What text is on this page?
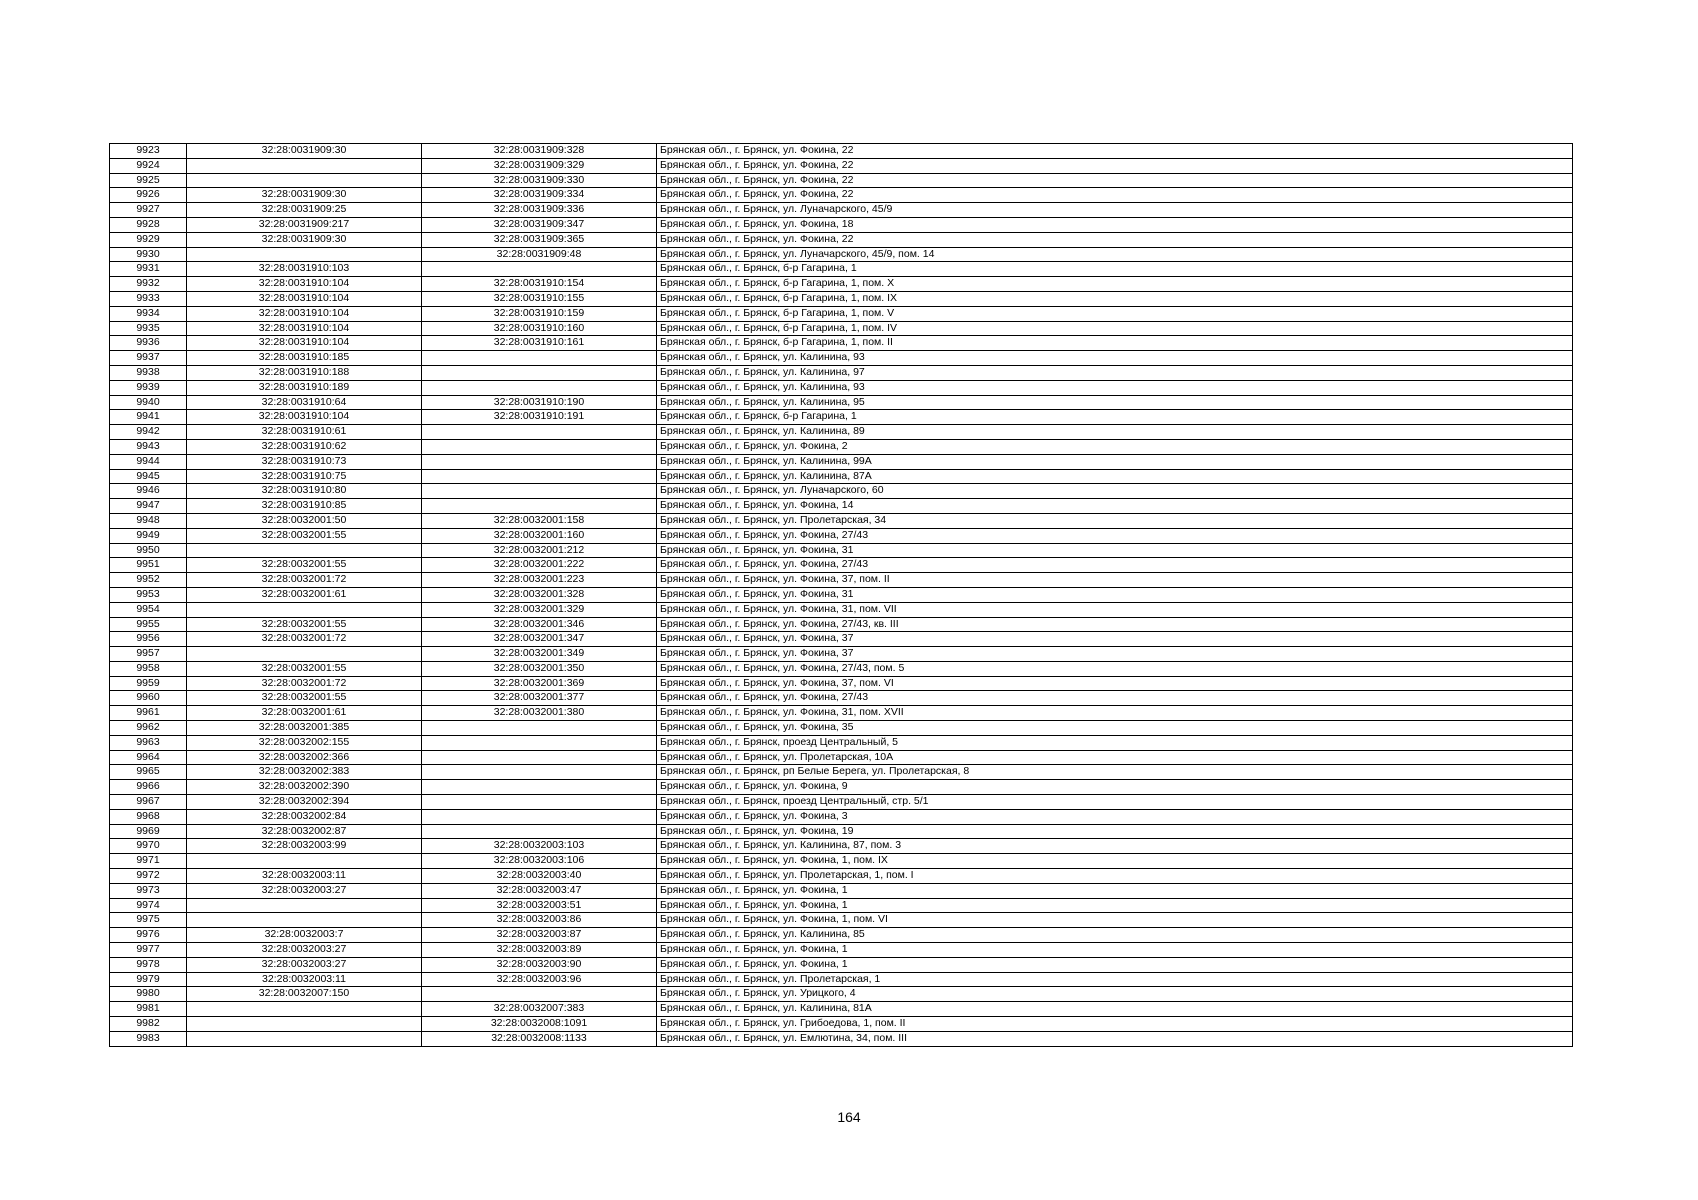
9923	32:28:0031909:30	32:28:0031909:328	Брянская обл., г. Брянск, ул. Фокина, 22
9924		32:28:0031909:329	Брянская обл., г. Брянск, ул. Фокина, 22
9925		32:28:0031909:330	Брянская обл., г. Брянск, ул. Фокина, 22
9926	32:28:0031909:30	32:28:0031909:334	Брянская обл., г. Брянск, ул. Фокина, 22
9927	32:28:0031909:25	32:28:0031909:336	Брянская обл., г. Брянск, ул. Луначарского, 45/9
9928	32:28:0031909:217	32:28:0031909:347	Брянская обл., г. Брянск, ул. Фокина, 18
9929	32:28:0031909:30	32:28:0031909:365	Брянская обл., г. Брянск, ул. Фокина, 22
9930		32:28:0031909:48	Брянская обл., г. Брянск, ул. Луначарского, 45/9, пом. 14
9931	32:28:0031910:103		Брянская обл., г. Брянск, б-р Гагарина, 1
9932	32:28:0031910:104	32:28:0031910:154	Брянская обл., г. Брянск, б-р Гагарина, 1, пом. X
9933	32:28:0031910:104	32:28:0031910:155	Брянская обл., г. Брянск, б-р Гагарина, 1, пом. IX
9934	32:28:0031910:104	32:28:0031910:159	Брянская обл., г. Брянск, б-р Гагарина, 1, пом. V
9935	32:28:0031910:104	32:28:0031910:160	Брянская обл., г. Брянск, б-р Гагарина, 1, пом. IV
9936	32:28:0031910:104	32:28:0031910:161	Брянская обл., г. Брянск, б-р Гагарина, 1, пом. II
9937	32:28:0031910:185		Брянская обл., г. Брянск, ул. Калинина, 93
9938	32:28:0031910:188		Брянская обл., г. Брянск, ул. Калинина, 97
9939	32:28:0031910:189		Брянская обл., г. Брянск, ул. Калинина, 93
9940	32:28:0031910:64	32:28:0031910:190	Брянская обл., г. Брянск, ул. Калинина, 95
9941	32:28:0031910:104	32:28:0031910:191	Брянская обл., г. Брянск, б-р Гагарина, 1
9942	32:28:0031910:61		Брянская обл., г. Брянск, ул. Калинина, 89
9943	32:28:0031910:62		Брянская обл., г. Брянск, ул. Фокина, 2
9944	32:28:0031910:73		Брянская обл., г. Брянск, ул. Калинина, 99А
9945	32:28:0031910:75		Брянская обл., г. Брянск, ул. Калинина, 87А
9946	32:28:0031910:80		Брянская обл., г. Брянск, ул. Луначарского, 60
9947	32:28:0031910:85		Брянская обл., г. Брянск, ул. Фокина, 14
9948	32:28:0032001:50	32:28:0032001:158	Брянская обл., г. Брянск, ул. Пролетарская, 34
9949	32:28:0032001:55	32:28:0032001:160	Брянская обл., г. Брянск, ул. Фокина, 27/43
9950		32:28:0032001:212	Брянская обл., г. Брянск, ул. Фокина, 31
9951	32:28:0032001:55	32:28:0032001:222	Брянская обл., г. Брянск, ул. Фокина, 27/43
9952	32:28:0032001:72	32:28:0032001:223	Брянская обл., г. Брянск, ул. Фокина, 37, пом. II
9953	32:28:0032001:61	32:28:0032001:328	Брянская обл., г. Брянск, ул. Фокина, 31
9954		32:28:0032001:329	Брянская обл., г. Брянск, ул. Фокина, 31, пом. VII
9955	32:28:0032001:55	32:28:0032001:346	Брянская обл., г. Брянск, ул. Фокина, 27/43, кв. III
9956	32:28:0032001:72	32:28:0032001:347	Брянская обл., г. Брянск, ул. Фокина, 37
9957		32:28:0032001:349	Брянская обл., г. Брянск, ул. Фокина, 37
9958	32:28:0032001:55	32:28:0032001:350	Брянская обл., г. Брянск, ул. Фокина, 27/43, пом. 5
9959	32:28:0032001:72	32:28:0032001:369	Брянская обл., г. Брянск, ул. Фокина, 37, пом. VI
9960	32:28:0032001:55	32:28:0032001:377	Брянская обл., г. Брянск, ул. Фокина, 27/43
9961	32:28:0032001:61	32:28:0032001:380	Брянская обл., г. Брянск, ул. Фокина, 31, пом. XVII
9962	32:28:0032001:385		Брянская обл., г. Брянск, ул. Фокина, 35
9963	32:28:0032002:155		Брянская обл., г. Брянск, проезд Центральный, 5
9964	32:28:0032002:366		Брянская обл., г. Брянск, ул. Пролетарская, 10А
9965	32:28:0032002:383		Брянская обл., г. Брянск, рп Белые Берега, ул. Пролетарская, 8
9966	32:28:0032002:390		Брянская обл., г. Брянск, ул. Фокина, 9
9967	32:28:0032002:394		Брянская обл., г. Брянск, проезд Центральный, стр. 5/1
9968	32:28:0032002:84		Брянская обл., г. Брянск, ул. Фокина, 3
9969	32:28:0032002:87		Брянская обл., г. Брянск, ул. Фокина, 19
9970	32:28:0032003:99	32:28:0032003:103	Брянская обл., г. Брянск, ул. Калинина, 87, пом. 3
9971		32:28:0032003:106	Брянская обл., г. Брянск, ул. Фокина, 1, пом. IX
9972	32:28:0032003:11	32:28:0032003:40	Брянская обл., г. Брянск, ул. Пролетарская, 1, пом. I
9973	32:28:0032003:27	32:28:0032003:47	Брянская обл., г. Брянск, ул. Фокина, 1
9974		32:28:0032003:51	Брянская обл., г. Брянск, ул. Фокина, 1
9975		32:28:0032003:86	Брянская обл., г. Брянск, ул. Фокина, 1, пом. VI
9976	32:28:0032003:7	32:28:0032003:87	Брянская обл., г. Брянск, ул. Калинина, 85
9977	32:28:0032003:27	32:28:0032003:89	Брянская обл., г. Брянск, ул. Фокина, 1
9978	32:28:0032003:27	32:28:0032003:90	Брянская обл., г. Брянск, ул. Фокина, 1
9979	32:28:0032003:11	32:28:0032003:96	Брянская обл., г. Брянск, ул. Пролетарская, 1
9980	32:28:0032007:150		Брянская обл., г. Брянск, ул. Урицкого, 4
9981		32:28:0032007:383	Брянская обл., г. Брянск, ул. Калинина, 81А
9982		32:28:0032008:1091	Брянская обл., г. Брянск, ул. Грибоедова, 1, пом. II
9983		32:28:0032008:1133	Брянская обл., г. Брянск, ул. Емлютина, 34, пом. III
164
